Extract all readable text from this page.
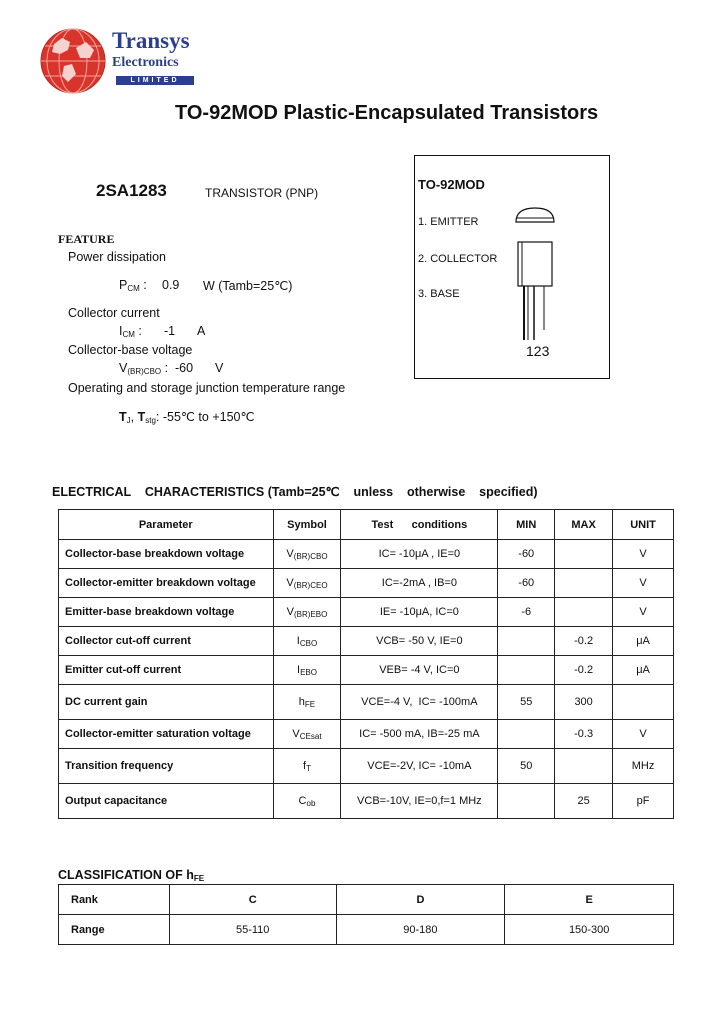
Transys
Electronics
LIMITED
TO-92MOD Plastic-Encapsulated Transistors
TO-92MOD
1. EMITTER
2. COLLECTOR
3. BASE
123
2SA1283	TRANSISTOR (PNP)
FEATURE
Power dissipation
$P_{CM}$ : 0.9 W (Tamb=25℃)
Collector current
$I_{CM}$ : -1 A
Collector-base voltage
$V_{(BR)CBO}$ : -60 V
Operating and storage junction temperature range
$T_J$, $T_{stg}$: -55℃ to +150℃
ELECTRICAL    CHARACTERISTICS (Tamb=25℃    unless    otherwise    specified)
Parameter	Symbol	Test      conditions	MIN	MAX	UNIT
Collector-base breakdown voltage	$V_{(BR)CBO}$	IC= -10μA , IE=0	-60		V
Collector-emitter breakdown voltage	$V_{(BR)CEO}$	IC=-2mA , IB=0	-60		V
Emitter-base breakdown voltage	$V_{(BR)EBO}$	IE= -10μA, IC=0	-6		V
Collector cut-off current	$I_{CBO}$	VCB= -50 V, IE=0		-0.2	μA
Emitter cut-off current	$I_{EBO}$	VEB= -4 V, IC=0		-0.2	μA
DC current gain	$h_{FE}$	VCE=-4 V,  IC= -100mA	55	300	
Collector-emitter saturation voltage	$V_{CEsat}$	IC= -500 mA, IB=-25 mA		-0.3	V
Transition frequency	$f_T$	VCE=-2V, IC= -10mA	50		MHz
Output capacitance	$C_{ob}$	VCB=-10V, IE=0,f=1 MHz		25	pF
CLASSIFICATION OF $h_{FE}$
Rank	C	D	E
Range	55-110	90-180	150-300
